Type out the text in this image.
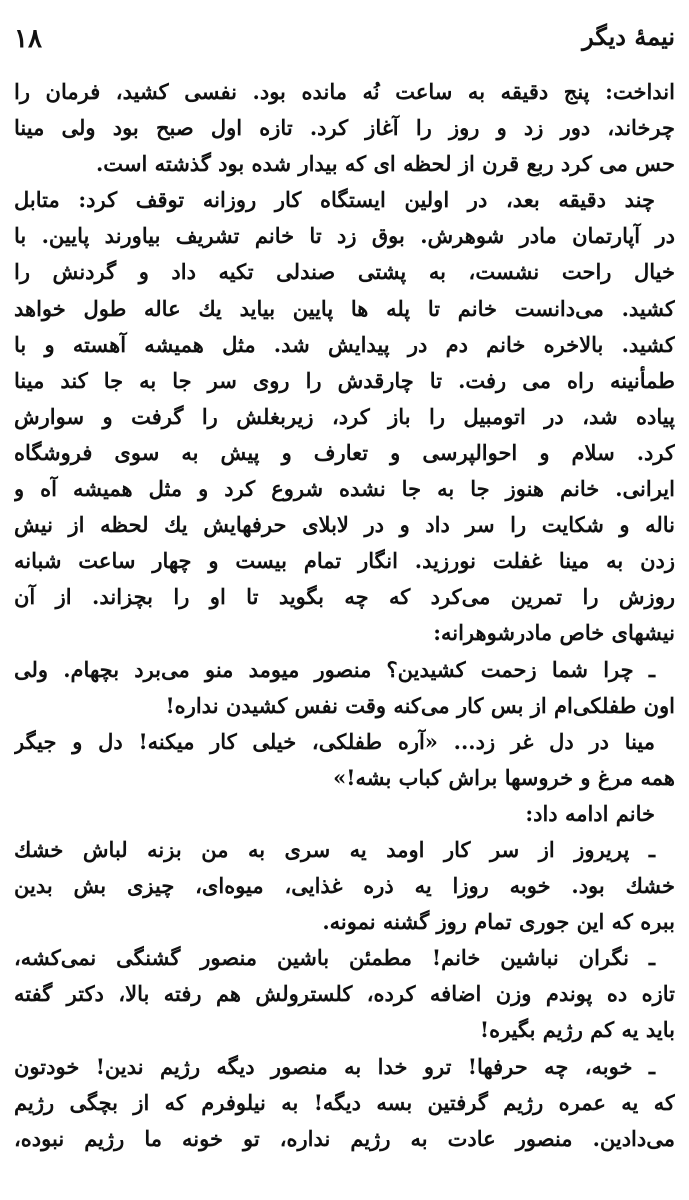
۱۸	نیمهٔ دیگر
انداخت: پنج دقیقه به ساعت نُه مانده بود. نفسی کشید، فرمان را
چرخاند، دور زد و روز را آغاز کرد. تازه اول صبح بود ولی مینا
حس می کرد ربع قرن از لحظه ای که بیدار شده بود گذشته است.
چند دقیقه بعد، در اولین ایستگاه کار روزانه توقف کرد: متابل
در آپارتمان مادر شوهرش. بوق زد تا خانم تشریف بیاورند پایین. با
خیال راحت نشست، به پشتی صندلی تکیه داد و گردنش را
کشید. می‌دانست خانم تا پله ها پایین بیاید یك عاله طول خواهد
کشید. بالاخره خانم دم در پیدایش شد. مثل همیشه آهسته و با
طمأنینه راه می رفت. تا چارقدش را روی سر جا به جا کند مینا
پیاده شد، در اتومبیل را باز کرد، زیربغلش را گرفت و سوارش
کرد. سلام و احوالپرسی و تعارف و پیش به سوی فروشگاه
ایرانی. خانم هنوز جا به جا نشده شروع کرد و مثل همیشه آه و
ناله و شکایت را سر داد و در لابلای حرفهایش یك لحظه از نیش
زدن به مینا غفلت نورزید. انگار تمام بیست و چهار ساعت شبانه
روزش را تمرین می‌کرد که چه بگوید تا او را بچزاند. از آن
نیشهای خاص مادرشوهرانه:
ـ چرا شما زحمت کشیدین؟ منصور میومد منو می‌برد بچهام. ولی
اون طفلکی‌ام از بس کار می‌کنه وقت نفس کشیدن نداره!
مینا در دل غر زد... «آره طفلکی، خیلی کار میکنه! دل و جیگر
همه مرغ و خروسها براش کباب بشه!»
خانم ادامه داد:
ـ پریروز از سر کار اومد یه سری به من بزنه لباش خشك
خشك بود. خوبه روزا یه ذره غذایی، میوه‌ای، چیزی بش بدین
ببره که این جوری تمام روز گشنه نمونه.
ـ نگران نباشین خانم! مطمئن باشین منصور گشنگی نمی‌کشه،
تازه ده پوندم وزن اضافه کرده، کلسترولش هم رفته بالا، دکتر گفته
باید یه کم رژیم بگیره!
ـ خوبه، چه حرفها! ترو خدا به منصور دیگه رژیم ندین! خودتون
که یه عمره رژیم گرفتین بسه دیگه! به نیلوفرم که از بچگی رژیم
می‌دادین. منصور عادت به رژیم نداره، تو خونه ما رژیم نبوده،
